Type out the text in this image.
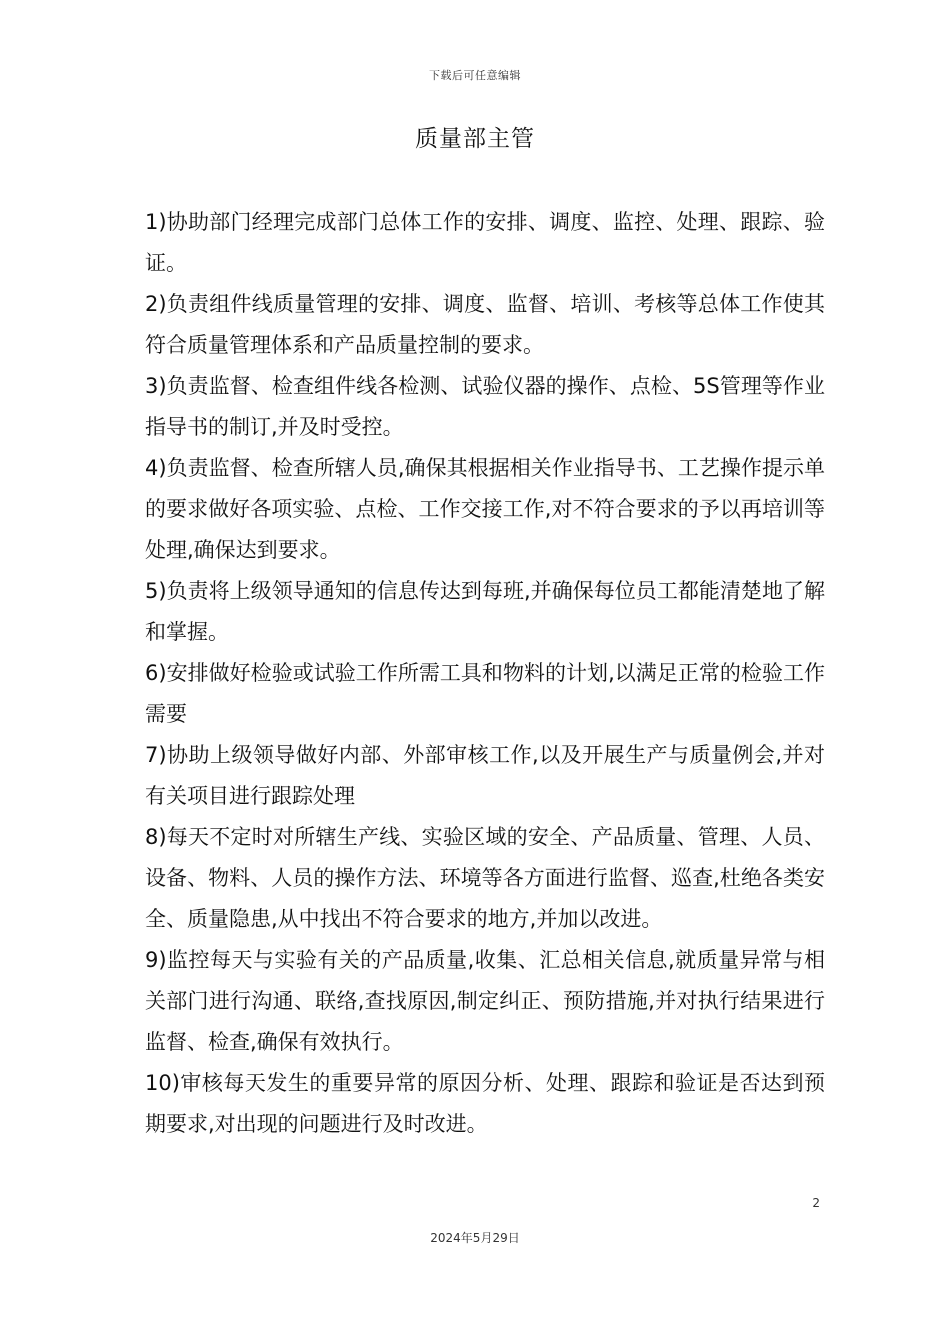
下载后可任意编辑
质量部主管

1)协助部门经理完成部门总体工作的安排、调度、监控、处理、跟踪、验证。

2)负责组件线质量管理的安排、调度、监督、培训、考核等总体工作使其符合质量管理体系和产品质量控制的要求。

3)负责监督、检查组件线各检测、试验仪器的操作、点检、5S管理等作业指导书的制订,并及时受控。

4)负责监督、检查所辖人员,确保其根据相关作业指导书、工艺操作提示单的要求做好各项实验、点检、工作交接工作,对不符合要求的予以再培训等处理,确保达到要求。

5)负责将上级领导通知的信息传达到每班,并确保每位员工都能清楚地了解和掌握。

6)安排做好检验或试验工作所需工具和物料的计划,以满足正常的检验工作需要

7)协助上级领导做好内部、外部审核工作,以及开展生产与质量例会,并对有关项目进行跟踪处理

8)每天不定时对所辖生产线、实验区域的安全、产品质量、管理、人员、设备、物料、人员的操作方法、环境等各方面进行监督、巡查,杜绝各类安全、质量隐患,从中找出不符合要求的地方,并加以改进。

9)监控每天与实验有关的产品质量,收集、汇总相关信息,就质量异常与相关部门进行沟通、联络,查找原因,制定纠正、预防措施,并对执行结果进行监督、检查,确保有效执行。

10)审核每天发生的重要异常的原因分析、处理、跟踪和验证是否达到预期要求,对出现的问题进行及时改进。

2
2024年5月29日
